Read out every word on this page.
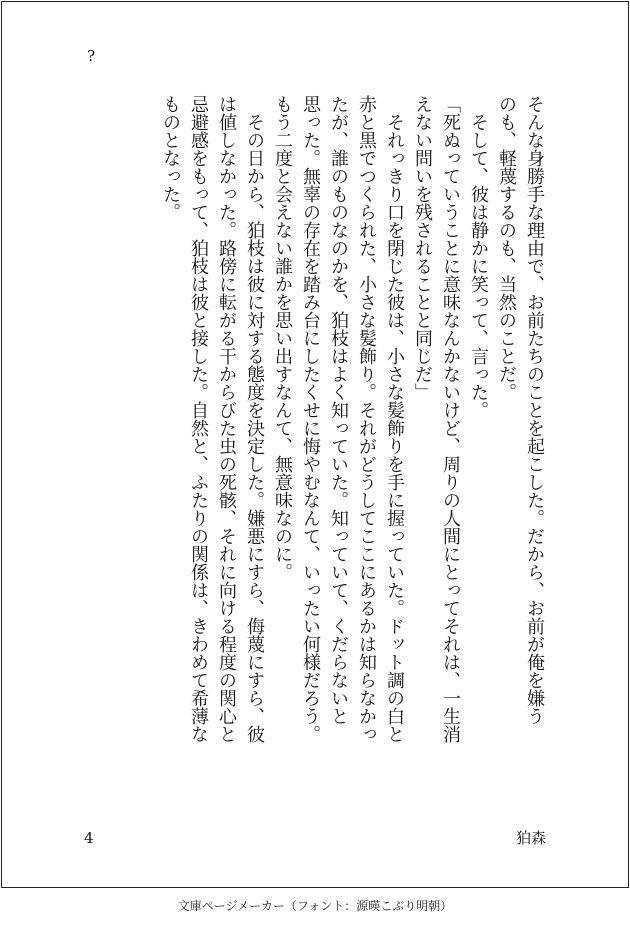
?

そんな身勝手な理由で、お前たちのことを起こした。だから、お前が俺を嫌う

のも、軽蔑するのも、当然のことだ。

　そして、彼は静かに笑って、言った。

「死ぬっていうことに意味なんかないけど、周りの人間にとってそれは、一生消

えない問いを残されることと同じだ」

　それっきり口を閉じた彼は、小さな髪飾りを手に握っていた。ドット調の白と

赤と黒でつくられた、小さな髪飾り。それがどうしてここにあるかは知らなかっ

たが、誰のものなのかを、狛枝はよく知っていた。知っていて、くだらないと

思った。無辜の存在を踏み台にしたくせに悔やむなんて、いったい何様だろう。

もう二度と会えない誰かを思い出すなんて、無意味なのに。

　その日から、狛枝は彼に対する態度を決定した。嫌悪にすら、侮蔑にすら、彼

は値しなかった。路傍に転がる干からびた虫の死骸、それに向ける程度の関心と

忌避感をもって、狛枝は彼と接した。自然と、ふたりの関係は、きわめて希薄な

ものとなった。

4	狛森
文庫ページメーカー（フォント：源暎こぶり明朝）
